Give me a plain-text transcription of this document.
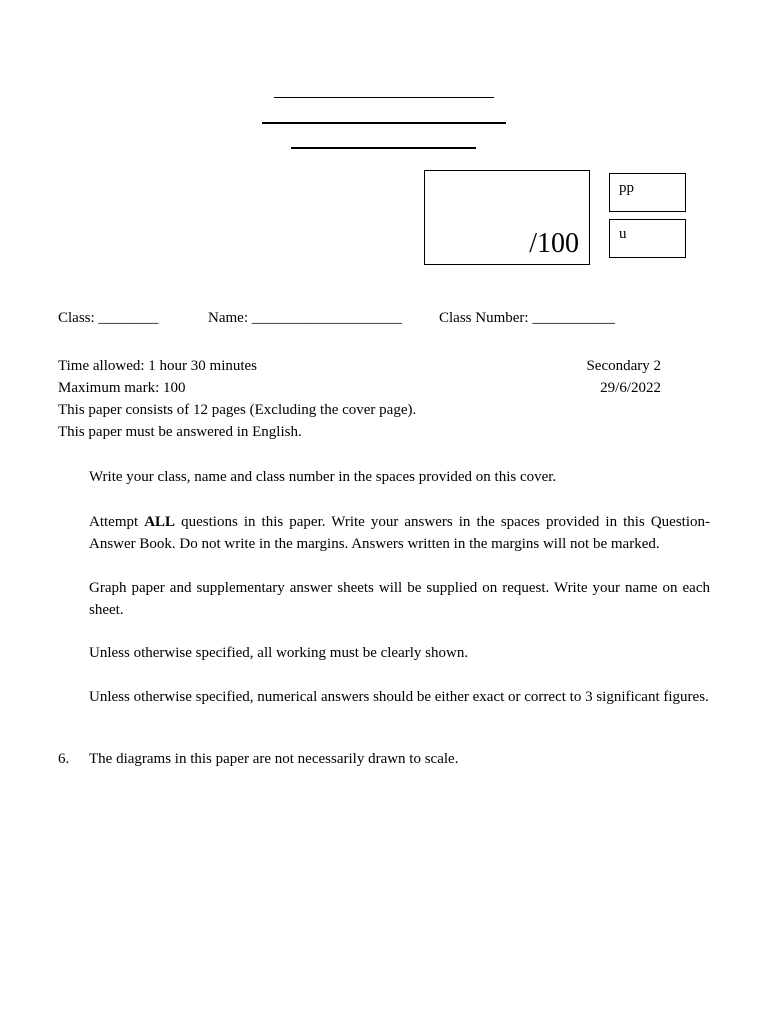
/100
pp
u
Class: ________	Name: ____________________ Class Number: ___________
Time allowed: 1 hour 30 minutes	Secondary 2
Maximum mark: 100	29/6/2022
This paper consists of 12 pages (Excluding the cover page).
This paper must be answered in English.
Write your class, name and class number in the spaces provided on this cover.
Attempt ALL questions in this paper. Write your answers in the spaces provided in this Question-Answer Book. Do not write in the margins. Answers written in the margins will not be marked.
Graph paper and supplementary answer sheets will be supplied on request. Write your name on each sheet.
Unless otherwise specified, all working must be clearly shown.
Unless otherwise specified, numerical answers should be either exact or correct to 3 significant figures.
6. The diagrams in this paper are not necessarily drawn to scale.
